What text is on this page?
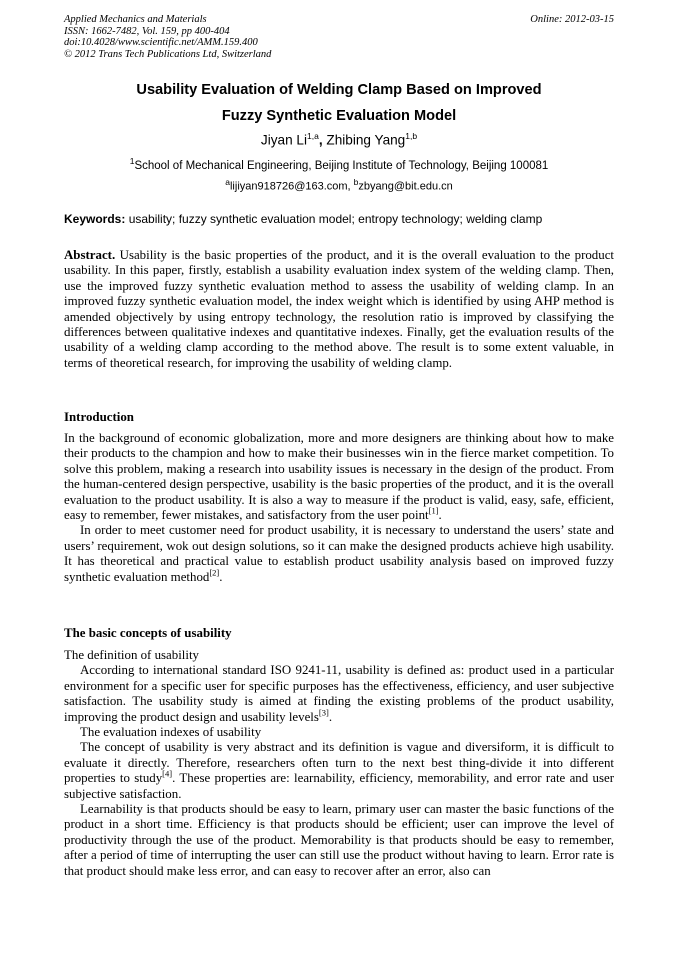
Applied Mechanics and Materials
ISSN: 1662-7482, Vol. 159, pp 400-404
doi:10.4028/www.scientific.net/AMM.159.400
© 2012 Trans Tech Publications Ltd, Switzerland
Online: 2012-03-15
Usability Evaluation of Welding Clamp Based on Improved
Fuzzy Synthetic Evaluation Model
Jiyan Li$^{1,a}$, Zhibing Yang$^{1,b}$
$^1$School of Mechanical Engineering, Beijing Institute of Technology, Beijing 100081
$^a$lijiyan918726@163.com, $^b$zbyang@bit.edu.cn
Keywords: usability; fuzzy synthetic evaluation model; entropy technology; welding clamp

Abstract. Usability is the basic properties of the product, and it is the overall evaluation to the product usability. In this paper, firstly, establish a usability evaluation index system of the welding clamp. Then, use the improved fuzzy synthetic evaluation method to assess the usability of welding clamp. In an improved fuzzy synthetic evaluation model, the index weight which is identified by using AHP method is amended objectively by using entropy technology, the resolution ratio is improved by classifying the differences between qualitative indexes and quantitative indexes. Finally, get the evaluation results of the usability of a welding clamp according to the method above. The result is to some extent valuable, in terms of theoretical research, for improving the usability of welding clamp.

Introduction

In the background of economic globalization, more and more designers are thinking about how to make their products to the champion and how to make their businesses win in the fierce market competition. To solve this problem, making a research into usability issues is necessary in the design of the product. From the human-centered design perspective, usability is the basic properties of the product, and it is the overall evaluation to the product usability. It is also a way to measure if the product is valid, easy, safe, efficient, easy to remember, fewer mistakes, and satisfactory from the user point[1].

In order to meet customer need for product usability, it is necessary to understand the users’ state and users’ requirement, wok out design solutions, so it can make the designed products achieve high usability. It has theoretical and practical value to establish product usability analysis based on improved fuzzy synthetic evaluation method[2].

The basic concepts of usability

The definition of usability

According to international standard ISO 9241-11, usability is defined as: product used in a particular environment for a specific user for specific purposes has the effectiveness, efficiency, and user subjective satisfaction. The usability study is aimed at finding the existing problems of the product usability, improving the product design and usability levels[3].

The evaluation indexes of usability

The concept of usability is very abstract and its definition is vague and diversiform, it is difficult to evaluate it directly. Therefore, researchers often turn to the next best thing-divide it into different properties to study[4]. These properties are: learnability, efficiency, memorability, and error rate and user subjective satisfaction.

Learnability is that products should be easy to learn, primary user can master the basic functions of the product in a short time. Efficiency is that products should be efficient; user can improve the level of productivity through the use of the product. Memorability is that products should be easy to remember, after a period of time of interrupting the user can still use the product without having to learn. Error rate is that product should make less error, and can easy to recover after an error, also can
